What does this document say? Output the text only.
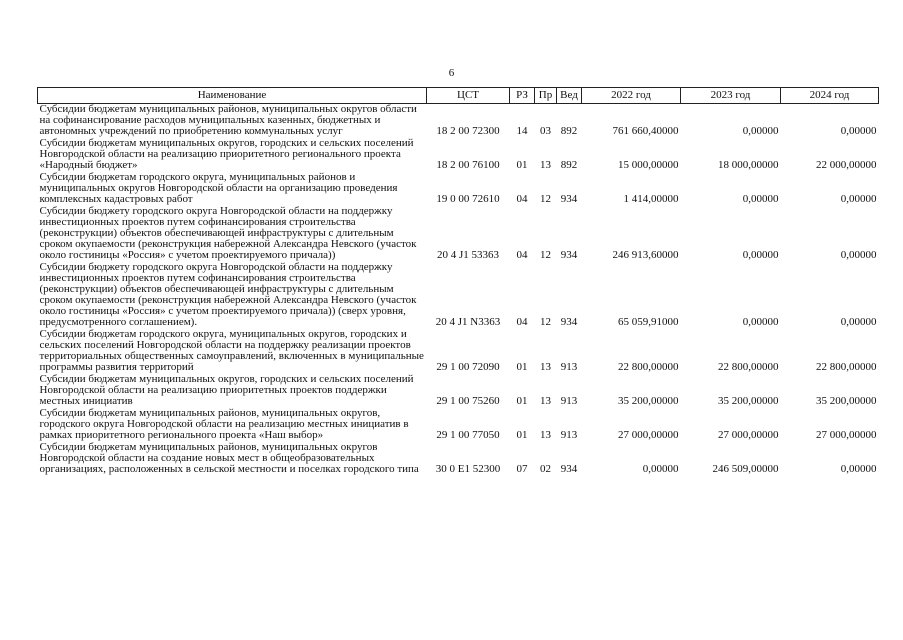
6
Наименование	ЦСТ	РЗ	Пр	Вед	2022 год	2023 год	2024 год
Субсидии бюджетам муниципальных районов, муниципальных округов области на софинансирование расходов муниципальных казенных, бюджетных и автономных учреждений по приобретению коммунальных услуг	18 2 00 72300	14	03	892	761 660,40000	0,00000	0,00000
Субсидии бюджетам муниципальных округов, городских и сельских поселений Новгородской области на реализацию приоритетного регионального проекта «Народный бюджет»	18 2 00 76100	01	13	892	15 000,00000	18 000,00000	22 000,00000
Субсидии бюджетам городского округа, муниципальных районов и муниципальных округов Новгородской области на организацию проведения комплексных кадастровых работ	19 0 00 72610	04	12	934	1 414,00000	0,00000	0,00000
Субсидии бюджету городского округа Новгородской области на поддержку инвестиционных проектов путем софинансирования строительства (реконструкции) объектов обеспечивающей инфраструктуры с длительным сроком окупаемости (реконструкция набережной Александра Невского (участок около гостиницы «Россия» с учетом проектируемого причала))	20 4 J1 53363	04	12	934	246 913,60000	0,00000	0,00000
Субсидии бюджету городского округа Новгородской области на поддержку инвестиционных проектов путем софинансирования строительства (реконструкции) объектов обеспечивающей инфраструктуры с длительным сроком окупаемости (реконструкция набережной Александра Невского (участок около гостиницы «Россия» с учетом проектируемого причала)) (сверх уровня, предусмотренного соглашением).	20 4 J1 N3363	04	12	934	65 059,91000	0,00000	0,00000
Субсидии бюджетам городского округа, муниципальных округов, городских и сельских поселений Новгородской области на поддержку реализации проектов территориальных общественных самоуправлений, включенных в муниципальные программы развития территорий	29 1 00 72090	01	13	913	22 800,00000	22 800,00000	22 800,00000
Субсидии бюджетам муниципальных округов, городских и сельских поселений Новгородской области на реализацию приоритетных проектов поддержки местных инициатив	29 1 00 75260	01	13	913	35 200,00000	35 200,00000	35 200,00000
Субсидии бюджетам муниципальных районов, муниципальных округов, городского округа Новгородской области на реализацию местных инициатив в рамках приоритетного регионального проекта «Наш выбор»	29 1 00 77050	01	13	913	27 000,00000	27 000,00000	27 000,00000
Субсидии бюджетам муниципальных районов, муниципальных округов Новгородской области на создание новых мест в общеобразовательных организациях, расположенных в сельской местности и поселках городского типа	30 0 E1 52300	07	02	934	0,00000	246 509,00000	0,00000
